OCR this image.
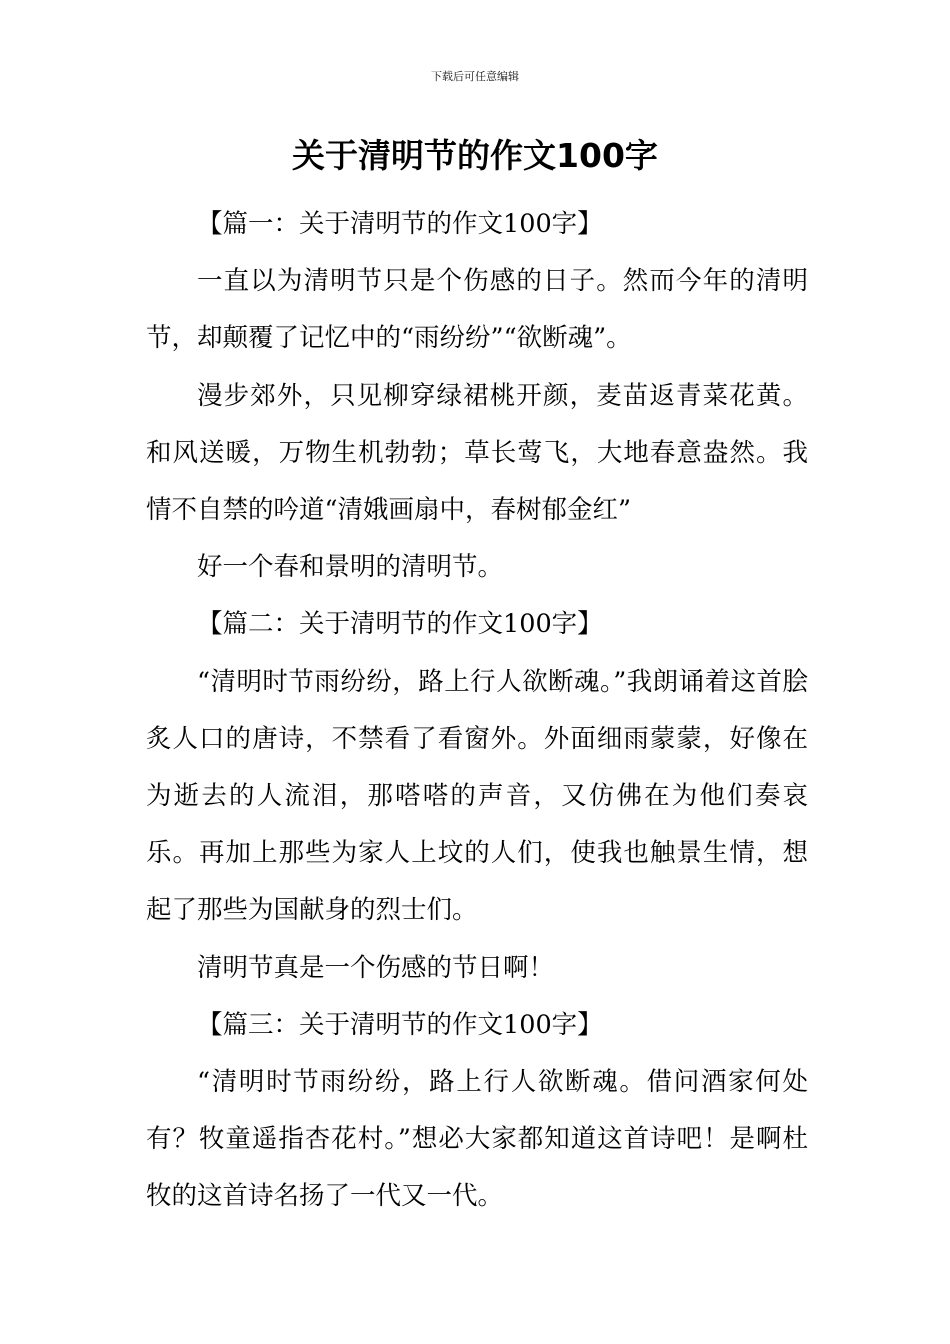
下载后可任意编辑
关于清明节的作文100字

【篇一：关于清明节的作文100字】

一直以为清明节只是个伤感的日子。然而今年的清明节，却颠覆了记忆中的“雨纷纷”“欲断魂”。

漫步郊外，只见柳穿绿裙桃开颜，麦苗返青菜花黄。和风送暖，万物生机勃勃；草长莺飞，大地春意盎然。我情不自禁的吟道“清娥画扇中，春树郁金红”

好一个春和景明的清明节。

【篇二：关于清明节的作文100字】

“清明时节雨纷纷，路上行人欲断魂。”我朗诵着这首脍炙人口的唐诗，不禁看了看窗外。外面细雨蒙蒙，好像在为逝去的人流泪，那嗒嗒的声音，又仿佛在为他们奏哀乐。再加上那些为家人上坟的人们，使我也触景生情，想起了那些为国献身的烈士们。

清明节真是一个伤感的节日啊！

【篇三：关于清明节的作文100字】

“清明时节雨纷纷，路上行人欲断魂。借问酒家何处有？牧童遥指杏花村。”想必大家都知道这首诗吧！是啊杜牧的这首诗名扬了一代又一代。
